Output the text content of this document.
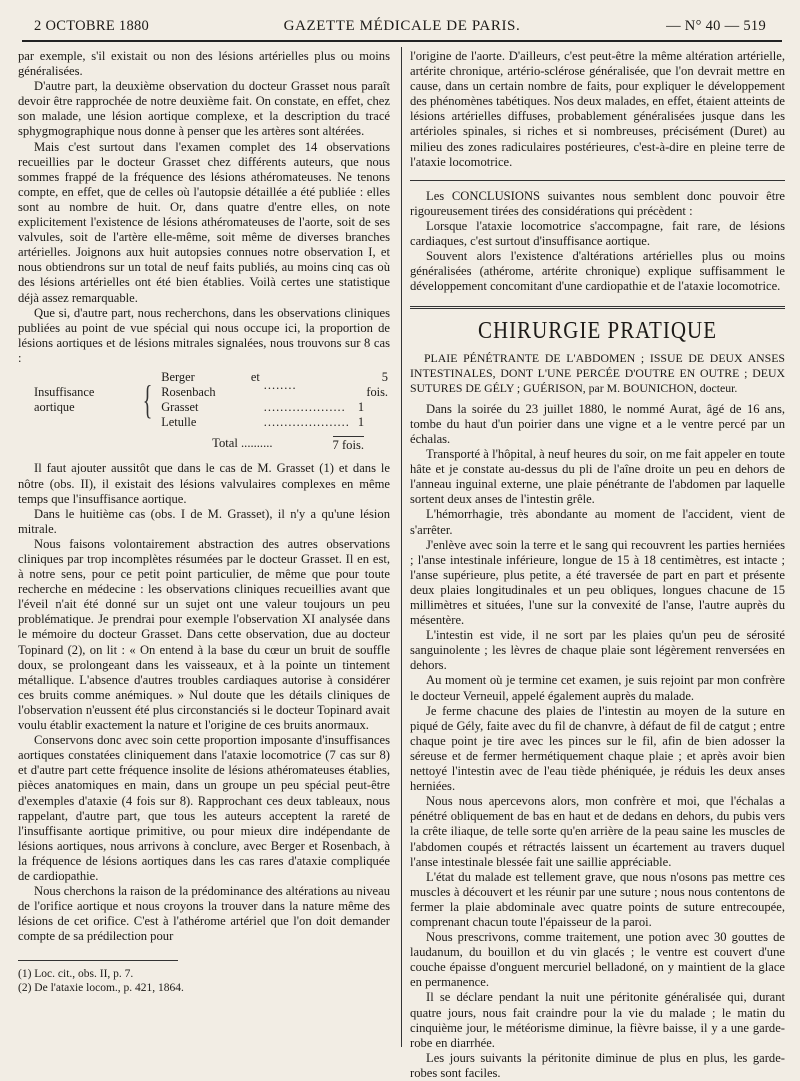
2 OCTOBRE 1880	GAZETTE MÉDICALE DE PARIS.	— N° 40 — 519

par exemple, s'il existait ou non des lésions artérielles plus ou moins généralisées.

D'autre part, la deuxième observation du docteur Grasset nous paraît devoir être rapprochée de notre deuxième fait. On constate, en effet, chez son malade, une lésion aortique complexe, et la description du tracé sphygmographique nous donne à penser que les artères sont altérées.

Mais c'est surtout dans l'examen complet des 14 observations recueillies par le docteur Grasset chez différents auteurs, que nous sommes frappé de la fréquence des lésions athéromateuses. Ne tenons compte, en effet, que de celles où l'autopsie détaillée a été publiée : elles sont au nombre de huit. Or, dans quatre d'entre elles, on note explicitement l'existence de lésions athéromateuses de l'aorte, soit de ses valvules, soit de l'artère elle-même, soit même de diverses branches artérielles. Joignons aux huit autopsies connues notre observation I, et nous obtiendrons sur un total de neuf faits publiés, au moins cinq cas où des lésions artérielles ont été bien établies. Voilà certes une statistique déjà assez remarquable.

Que si, d'autre part, nous recherchons, dans les observations cliniques publiées au point de vue spécial qui nous occupe ici, la proportion de lésions aortiques et de lésions mitrales signalées, nous trouvons sur 8 cas :

Insuffisance aortique	{	Berger et Rosenbach	........	5 fois.
		Grasset	....................	1
		Letulle	.....................	1
Total ..........	7 fois.

Il faut ajouter aussitôt que dans le cas de M. Grasset (1) et dans le nôtre (obs. II), il existait des lésions valvulaires complexes en même temps que l'insuffisance aortique.

Dans le huitième cas (obs. I de M. Grasset), il n'y a qu'une lésion mitrale.

Nous faisons volontairement abstraction des autres observations cliniques par trop incomplètes résumées par le docteur Grasset. Il en est, à notre sens, pour ce petit point particulier, de même que pour toute recherche en médecine : les observations cliniques recueillies avant que l'éveil n'ait été donné sur un sujet ont une valeur toujours un peu problématique. Je prendrai pour exemple l'observation XI analysée dans le mémoire du docteur Grasset. Dans cette observation, due au docteur Topinard (2), on lit : « On entend à la base du cœur un bruit de souffle doux, se prolongeant dans les vaisseaux, et à la pointe un tintement métallique. L'absence d'autres troubles cardiaques autorise à considérer ces bruits comme anémiques. » Nul doute que les détails cliniques de l'observation n'eussent été plus circonstanciés si le docteur Topinard avait voulu établir exactement la nature et l'origine de ces bruits anormaux.

Conservons donc avec soin cette proportion imposante d'insuffisances aortiques constatées cliniquement dans l'ataxie locomotrice (7 cas sur 8) et d'autre part cette fréquence insolite de lésions athéromateuses établies, pièces anatomiques en main, dans un groupe un peu spécial peut-être d'exemples d'ataxie (4 fois sur 8). Rapprochant ces deux tableaux, nous rappelant, d'autre part, que tous les auteurs acceptent la rareté de l'insuffisante aortique primitive, ou pour mieux dire indépendante de lésions aortiques, nous arrivons à conclure, avec Berger et Rosenbach, à la fréquence de lésions aortiques dans les cas rares d'ataxie compliquée de cardiopathie.

Nous cherchons la raison de la prédominance des altérations au niveau de l'orifice aortique et nous croyons la trouver dans la nature même des lésions de cet orifice. C'est à l'athérome artériel que l'on doit demander compte de sa prédilection pour

(1) Loc. cit., obs. II, p. 7.

(2) De l'ataxie locom., p. 421, 1864.

l'origine de l'aorte. D'ailleurs, c'est peut-être la même altération artérielle, artérite chronique, artério-sclérose généralisée, que l'on devrait mettre en cause, dans un certain nombre de faits, pour expliquer le développement des phénomènes tabétiques. Nos deux malades, en effet, étaient atteints de lésions artérielles diffuses, probablement généralisées jusque dans les artérioles spinales, si riches et si nombreuses, précisément (Duret) au milieu des zones radiculaires postérieures, c'est-à-dire en pleine terre de l'ataxie locomotrice.

Les CONCLUSIONS suivantes nous semblent donc pouvoir être rigoureusement tirées des considérations qui précèdent :

Lorsque l'ataxie locomotrice s'accompagne, fait rare, de lésions cardiaques, c'est surtout d'insuffisance aortique.

Souvent alors l'existence d'altérations artérielles plus ou moins généralisées (athérome, artérite chronique) explique suffisamment le développement concomitant d'une cardiopathie et de l'ataxie locomotrice.

CHIRURGIE PRATIQUE

PLAIE PÉNÉTRANTE DE L'ABDOMEN ; ISSUE DE DEUX ANSES INTESTINALES, DONT L'UNE PERCÉE D'OUTRE EN OUTRE ; DEUX SUTURES DE GÉLY ; GUÉRISON, par M. BOUNICHON, docteur.

Dans la soirée du 23 juillet 1880, le nommé Aurat, âgé de 16 ans, tombe du haut d'un poirier dans une vigne et a le ventre percé par un échalas.

Transporté à l'hôpital, à neuf heures du soir, on me fait appeler en toute hâte et je constate au-dessus du pli de l'aîne droite un peu en dehors de l'anneau inguinal externe, une plaie pénétrante de l'abdomen par laquelle sortent deux anses de l'intestin grêle.

L'hémorrhagie, très abondante au moment de l'accident, vient de s'arrêter.

J'enlève avec soin la terre et le sang qui recouvrent les parties herniées ; l'anse intestinale inférieure, longue de 15 à 18 centimètres, est intacte ; l'anse supérieure, plus petite, a été traversée de part en part et présente deux plaies longitudinales et un peu obliques, longues chacune de 15 millimètres et situées, l'une sur la convexité de l'anse, l'autre auprès du mésentère.

L'intestin est vide, il ne sort par les plaies qu'un peu de sérosité sanguinolente ; les lèvres de chaque plaie sont légèrement renversées en dehors.

Au moment où je termine cet examen, je suis rejoint par mon confrère le docteur Verneuil, appelé également auprès du malade.

Je ferme chacune des plaies de l'intestin au moyen de la suture en piqué de Gély, faite avec du fil de chanvre, à défaut de fil de catgut ; entre chaque point je tire avec les pinces sur le fil, afin de bien adosser la séreuse et de fermer hermétiquement chaque plaie ; et après avoir bien nettoyé l'intestin avec de l'eau tiède phéniquée, je réduis les deux anses herniées.

Nous nous apercevons alors, mon confrère et moi, que l'échalas a pénétré obliquement de bas en haut et de dedans en dehors, du pubis vers la crête iliaque, de telle sorte qu'en arrière de la peau saine les muscles de l'abdomen coupés et rétractés laissent un écartement au travers duquel l'anse intestinale blessée fait une saillie appréciable.

L'état du malade est tellement grave, que nous n'osons pas mettre ces muscles à découvert et les réunir par une suture ; nous nous contentons de fermer la plaie abdominale avec quatre points de suture entrecoupée, comprenant chacun toute l'épaisseur de la paroi.

Nous prescrivons, comme traitement, une potion avec 30 gouttes de laudanum, du bouillon et du vin glacés ; le ventre est couvert d'une couche épaisse d'onguent mercuriel belladoné, on y maintient de la glace en permanence.

Il se déclare pendant la nuit une péritonite généralisée qui, durant quatre jours, nous fait craindre pour la vie du malade ; le matin du cinquième jour, le météorisme diminue, la fièvre baisse, il y a une garde-robe en diarrhée.

Les jours suivants la péritonite diminue de plus en plus, les garde-robes sont faciles.
